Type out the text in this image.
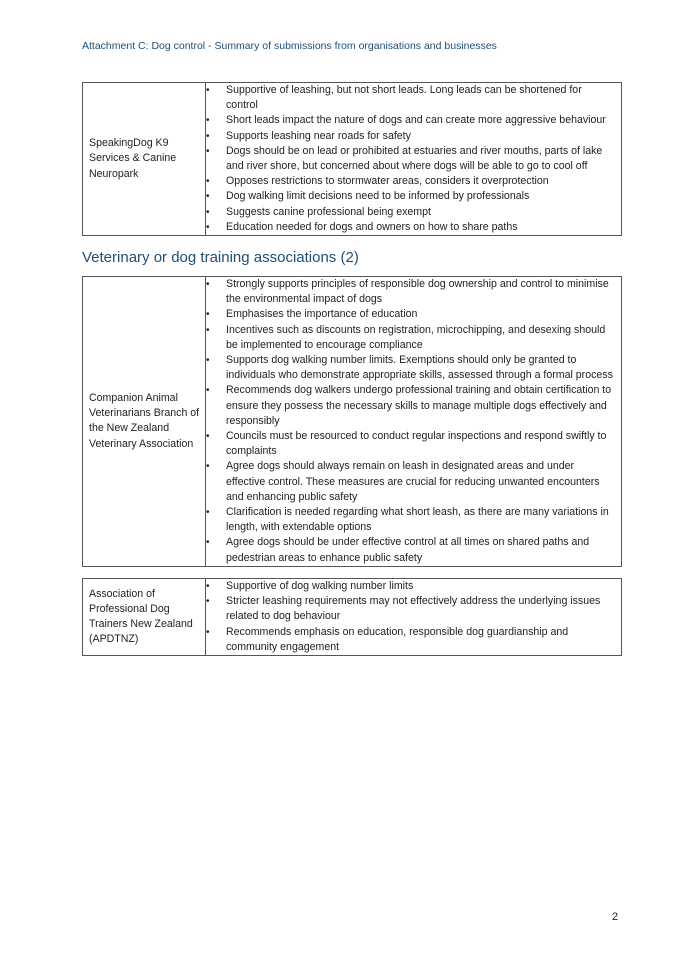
Attachment C: Dog control - Summary of submissions from organisations and businesses
SpeakingDog K9 Services & Canine Neuropark	
• Supportive of leashing, but not short leads. Long leads can be shortened for control
• Short leads impact the nature of dogs and can create more aggressive behaviour
• Supports leashing near roads for safety
• Dogs should be on lead or prohibited at estuaries and river mouths, parts of lake and river shore, but concerned about where dogs will be able to go to cool off
• Opposes restrictions to stormwater areas, considers it overprotection
• Dog walking limit decisions need to be informed by professionals
• Suggests canine professional being exempt
• Education needed for dogs and owners on how to share paths
Veterinary or dog training associations (2)
Companion Animal Veterinarians Branch of the New Zealand Veterinary Association	
• Strongly supports principles of responsible dog ownership and control to minimise the environmental impact of dogs
• Emphasises the importance of education
• Incentives such as discounts on registration, microchipping, and desexing should be implemented to encourage compliance
• Supports dog walking number limits. Exemptions should only be granted to individuals who demonstrate appropriate skills, assessed through a formal process
• Recommends dog walkers undergo professional training and obtain certification to ensure they possess the necessary skills to manage multiple dogs effectively and responsibly
• Councils must be resourced to conduct regular inspections and respond swiftly to complaints
• Agree dogs should always remain on leash in designated areas and under effective control. These measures are crucial for reducing unwanted encounters and enhancing public safety
• Clarification is needed regarding what short leash, as there are many variations in length, with extendable options
• Agree dogs should be under effective control at all times on shared paths and pedestrian areas to enhance public safety
Association of Professional Dog Trainers New Zealand (APDTNZ)	
• Supportive of dog walking number limits
• Stricter leashing requirements may not effectively address the underlying issues related to dog behaviour
• Recommends emphasis on education, responsible dog guardianship and community engagement
2
